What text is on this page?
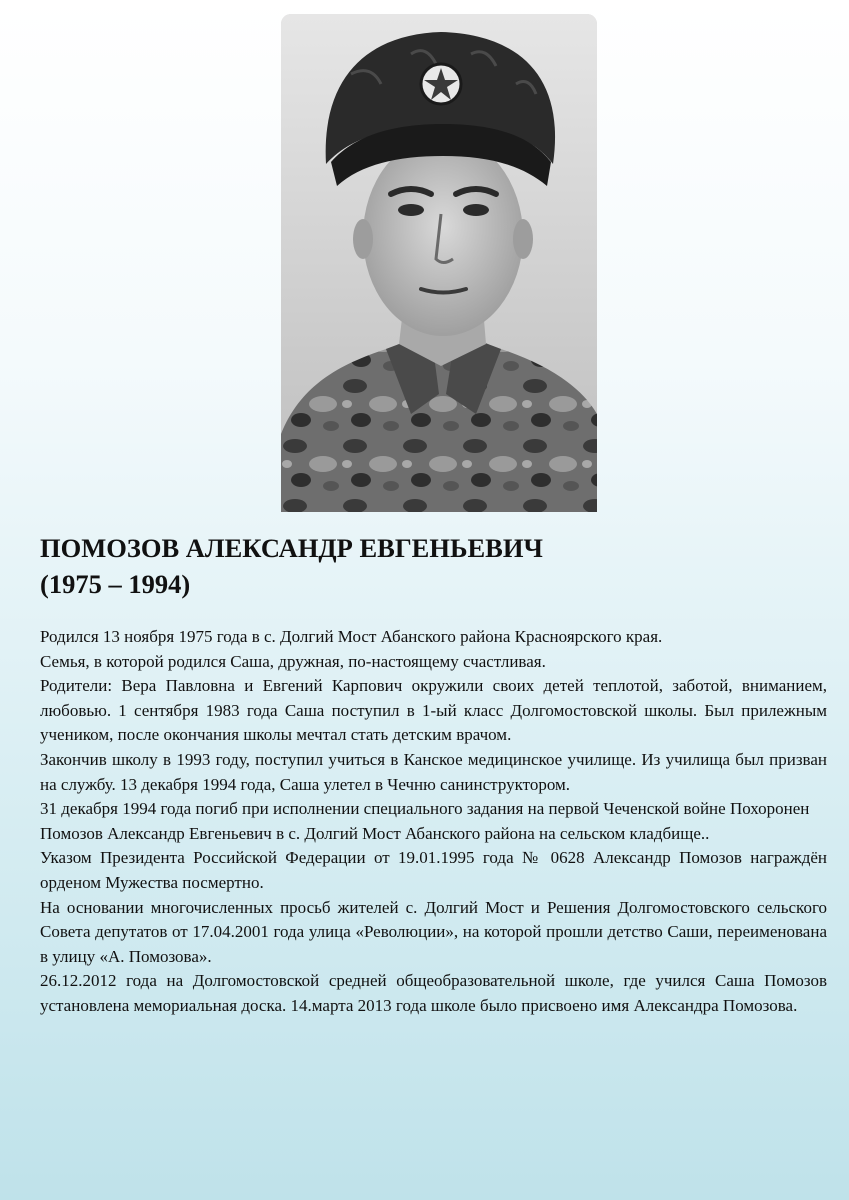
ПОМОЗОВ АЛЕКСАНДР ЕВГЕНЬЕВИЧ
(1975 – 1994)

Родился 13 ноября 1975 года в с. Долгий Мост Абанского района Красноярского края.

Семья, в которой родился Саша, дружная, по-настоящему счастливая.

Родители: Вера Павловна и Евгений Карпович окружили своих детей теплотой, заботой, вниманием, любовью. 1 сентября 1983 года Саша поступил в 1-ый класс Долгомостовской школы. Был прилежным учеником, после окончания школы мечтал стать детским врачом.

Закончив школу в 1993 году, поступил учиться в Канское медицинское училище. Из училища был призван на службу. 13 декабря 1994 года, Саша улетел в Чечню санинструктором.

31 декабря 1994 года погиб при исполнении специального задания на первой Чеченской войне Похоронен Помозов Александр Евгеньевич в с. Долгий Мост Абанского района на сельском кладбище..

Указом Президента Российской Федерации от 19.01.1995 года № 0628 Александр Помозов награждён орденом Мужества посмертно.

На основании многочисленных просьб жителей с. Долгий Мост и Решения Долгомостовского сельского Совета депутатов от 17.04.2001 года улица «Революции», на которой прошли детство Саши, переименована в улицу «А. Помозова».

26.12.2012 года на Долгомостовской средней общеобразовательной школе, где учился Саша Помозов установлена мемориальная доска. 14.марта 2013 года школе было присвоено имя Александра Помозова.
